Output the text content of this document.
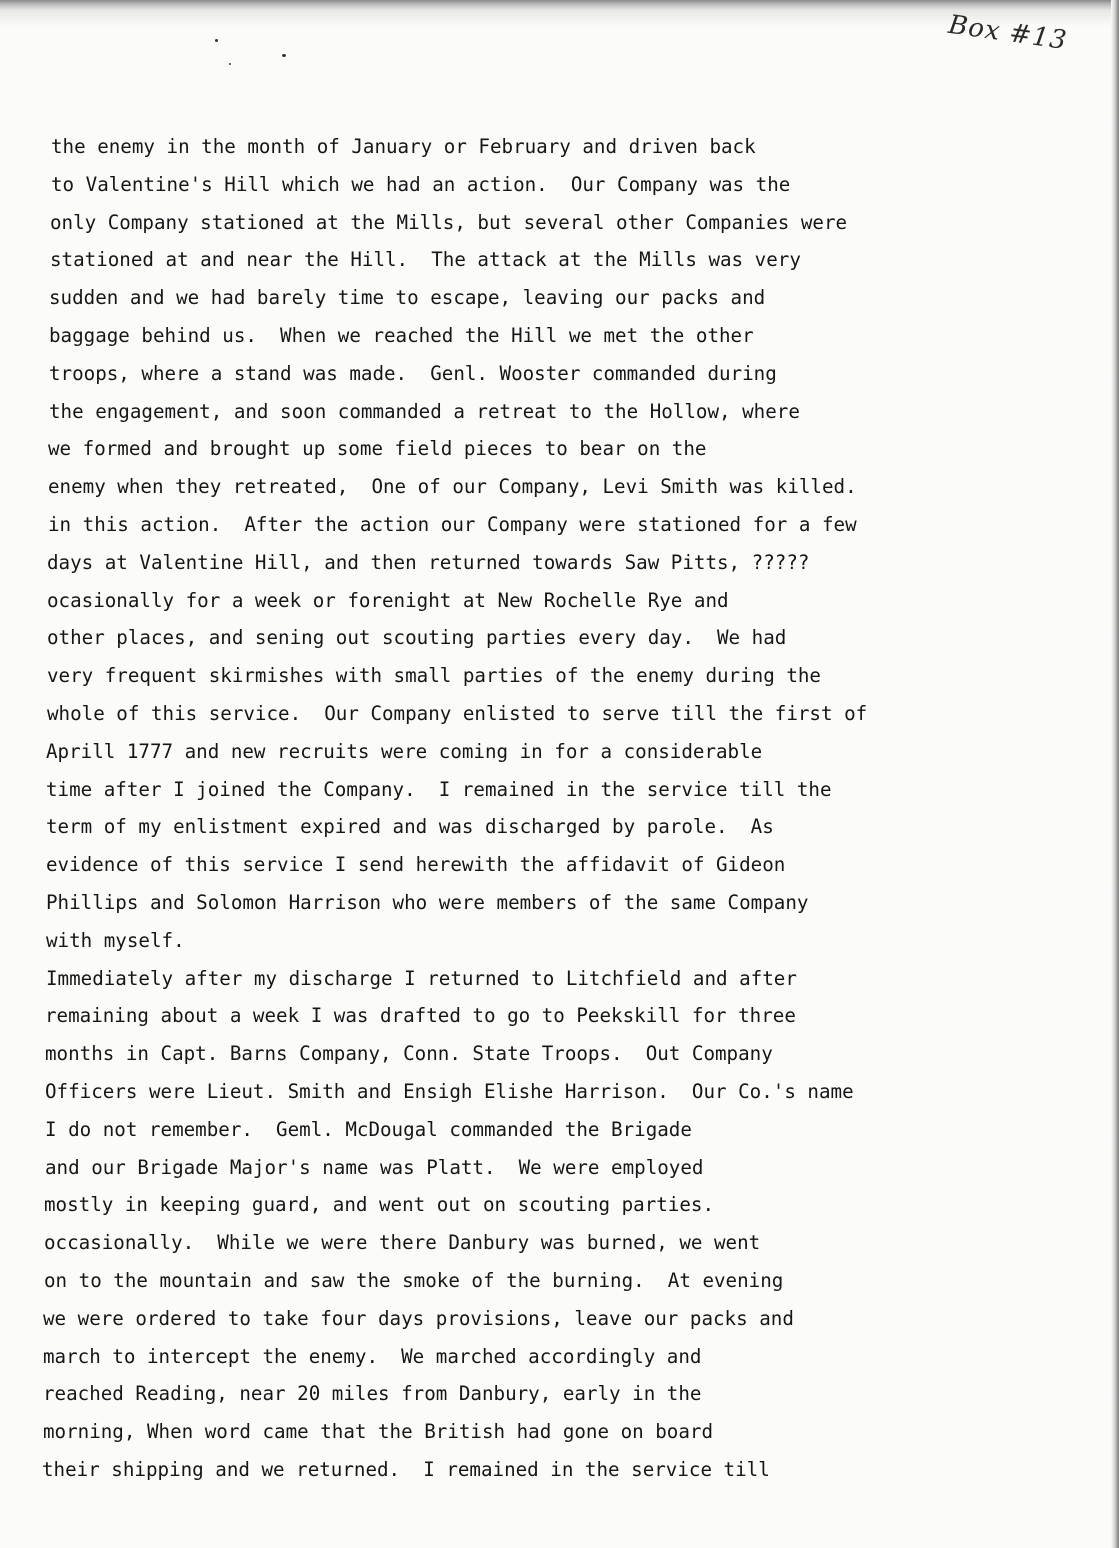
Box #13
the enemy in the month of January or February and driven back
to Valentine's Hill which we had an action.  Our Company was the
only Company stationed at the Mills, but several other Companies were
stationed at and near the Hill.  The attack at the Mills was very
sudden and we had barely time to escape, leaving our packs and
baggage behind us.  When we reached the Hill we met the other
troops, where a stand was made.  Genl. Wooster commanded during
the engagement, and soon commanded a retreat to the Hollow, where
we formed and brought up some field pieces to bear on the
enemy when they retreated,  One of our Company, Levi Smith was killed.
in this action.  After the action our Company were stationed for a few
days at Valentine Hill, and then returned towards Saw Pitts, ?????
ocasionally for a week or forenight at New Rochelle Rye and
other places, and sening out scouting parties every day.  We had
very frequent skirmishes with small parties of the enemy during the
whole of this service.  Our Company enlisted to serve till the first of
Aprill 1777 and new recruits were coming in for a considerable
time after I joined the Company.  I remained in the service till the
term of my enlistment expired and was discharged by parole.  As
evidence of this service I send herewith the affidavit of Gideon
Phillips and Solomon Harrison who were members of the same Company
with myself.
Immediately after my discharge I returned to Litchfield and after
remaining about a week I was drafted to go to Peekskill for three
months in Capt. Barns Company, Conn. State Troops.  Out Company
Officers were Lieut. Smith and Ensigh Elishe Harrison.  Our Co.'s name
I do not remember.  Geml. McDougal commanded the Brigade
and our Brigade Major's name was Platt.  We were employed
mostly in keeping guard, and went out on scouting parties.
occasionally.  While we were there Danbury was burned, we went
on to the mountain and saw the smoke of the burning.  At evening
we were ordered to take four days provisions, leave our packs and
march to intercept the enemy.  We marched accordingly and
reached Reading, near 20 miles from Danbury, early in the
morning, When word came that the British had gone on board
their shipping and we returned.  I remained in the service till
